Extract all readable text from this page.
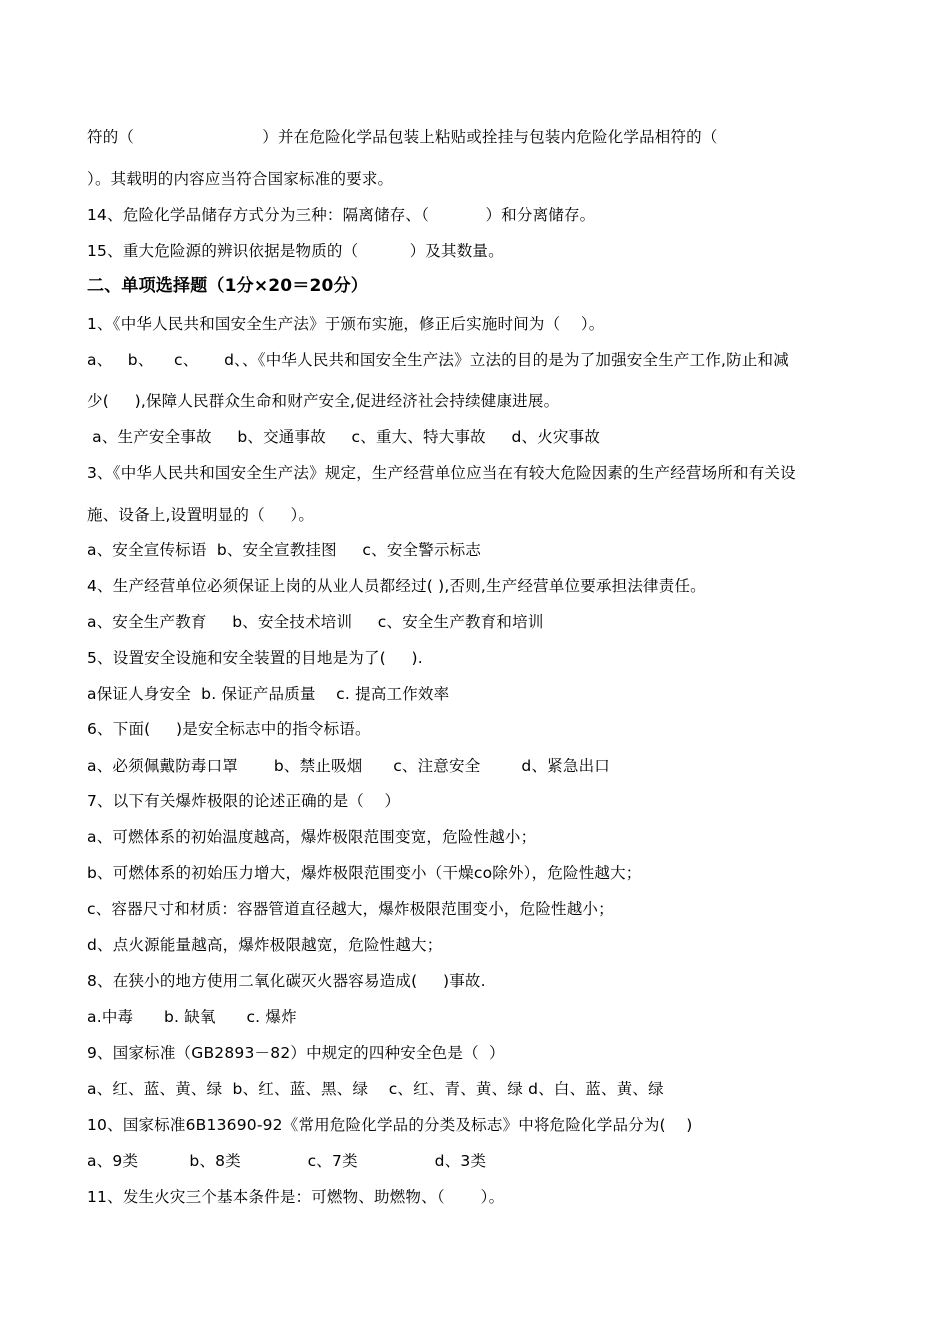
符的（                         ）并在危险化学品包装上粘贴或拴挂与包装内危险化学品相符的（
）。其载明的内容应当符合国家标准的要求。
14、危险化学品储存方式分为三种：隔离储存、（           ）和分离储存。
15、重大危险源的辨识依据是物质的（          ）及其数量。
二、单项选择题（1分×20＝20分）
1、《中华人民共和国安全生产法》于颁布实施，修正后实施时间为（    ）。
a、   b、    c、     d、、《中华人民共和国安全生产法》立法的目的是为了加强安全生产工作,防止和减
少(     ),保障人民群众生命和财产安全,促进经济社会持续健康进展。
a、生产安全事故     b、交通事故     c、重大、特大事故     d、火灾事故
3、《中华人民共和国安全生产法》规定，生产经营单位应当在有较大危险因素的生产经营场所和有关设
施、设备上,设置明显的（     ）。
a、安全宣传标语  b、安全宣教挂图     c、安全警示标志
4、生产经营单位必须保证上岗的从业人员都经过( ),否则,生产经营单位要承担法律责任。
a、安全生产教育     b、安全技术培训     c、安全生产教育和培训
5、设置安全设施和安全装置的目地是为了(     ).
a保证人身安全  b. 保证产品质量    c. 提高工作效率
6、下面(     )是安全标志中的指令标语。
a、必须佩戴防毒口罩       b、禁止吸烟      c、注意安全        d、紧急出口
7、以下有关爆炸极限的论述正确的是（    ）
a、可燃体系的初始温度越高，爆炸极限范围变宽，危险性越小；
b、可燃体系的初始压力增大，爆炸极限范围变小（干燥co除外），危险性越大；
c、容器尺寸和材质：容器管道直径越大，爆炸极限范围变小，危险性越小；
d、点火源能量越高，爆炸极限越宽，危险性越大；
8、在狭小的地方使用二氧化碳灭火器容易造成(     )事故.
a.中毒      b. 缺氧      c. 爆炸
9、国家标准（GB2893－82）中规定的四种安全色是（  ）
a、红、蓝、黄、绿  b、红、蓝、黑、绿    c、红、青、黄、绿 d、白、蓝、黄、绿
10、国家标准6B13690-92《常用危险化学品的分类及标志》中将危险化学品分为(    )
a、9类          b、8类             c、7类               d、3类
11、发生火灾三个基本条件是：可燃物、助燃物、（       ）。
